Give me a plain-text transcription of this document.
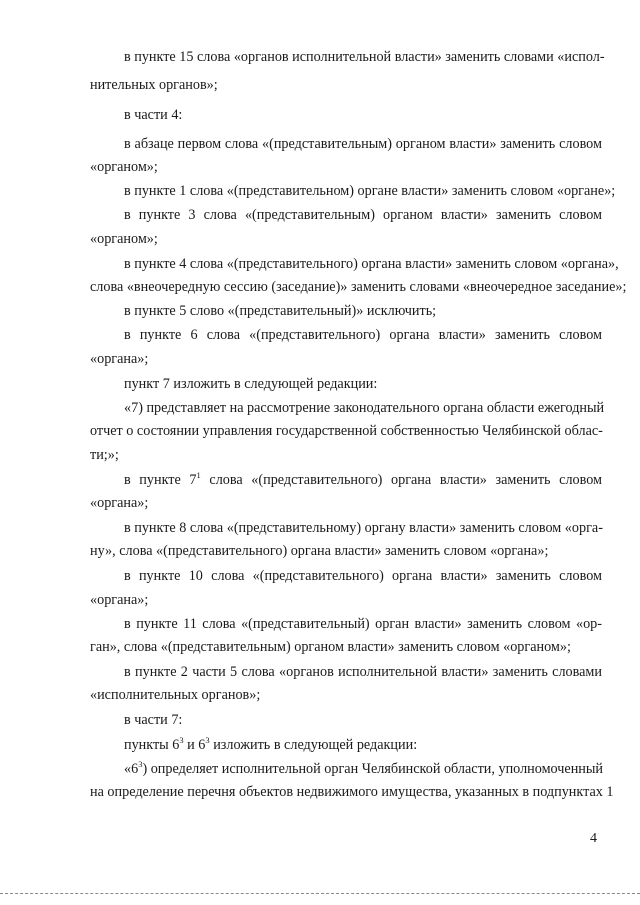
в пункте 15 слова «органов исполнительной власти» заменить словами «испол-
нительных органов»;
в части 4:
в абзаце первом слова «(представительным) органом власти» заменить словом
«органом»;
в пункте 1 слова «(представительном) органе власти» заменить словом «органе»;
в пункте 3 слова «(представительным) органом власти» заменить словом
«органом»;
в пункте 4 слова «(представительного) органа власти» заменить словом «органа»,
слова «внеочередную сессию (заседание)» заменить словами «внеочередное заседание»;
в пункте 5 слово «(представительный)» исключить;
в пункте 6 слова «(представительного) органа власти» заменить словом
«органа»;
пункт 7 изложить в следующей редакции:
«7) представляет на рассмотрение законодательного органа области ежегодный
отчет о состоянии управления государственной собственностью Челябинской облас-
ти;»;
в пункте $7^1$ слова «(представительного) органа власти» заменить словом
«органа»;
в пункте 8 слова «(представительному) органу власти» заменить словом «орга-
ну», слова «(представительного) органа власти» заменить словом «органа»;
в пункте 10 слова «(представительного) органа власти» заменить словом
«органа»;
в пункте 11 слова «(представительный) орган власти» заменить словом «ор-
ган», слова «(представительным) органом власти» заменить словом «органом»;
в пункте 2 части 5 слова «органов исполнительной власти» заменить словами
«исполнительных органов»;
в части 7:
пункты $6^3$ и $6^3$ изложить в следующей редакции:
«$6^3$) определяет исполнительной орган Челябинской области, уполномоченный
на определение перечня объектов недвижимого имущества, указанных в подпунктах 1
4
